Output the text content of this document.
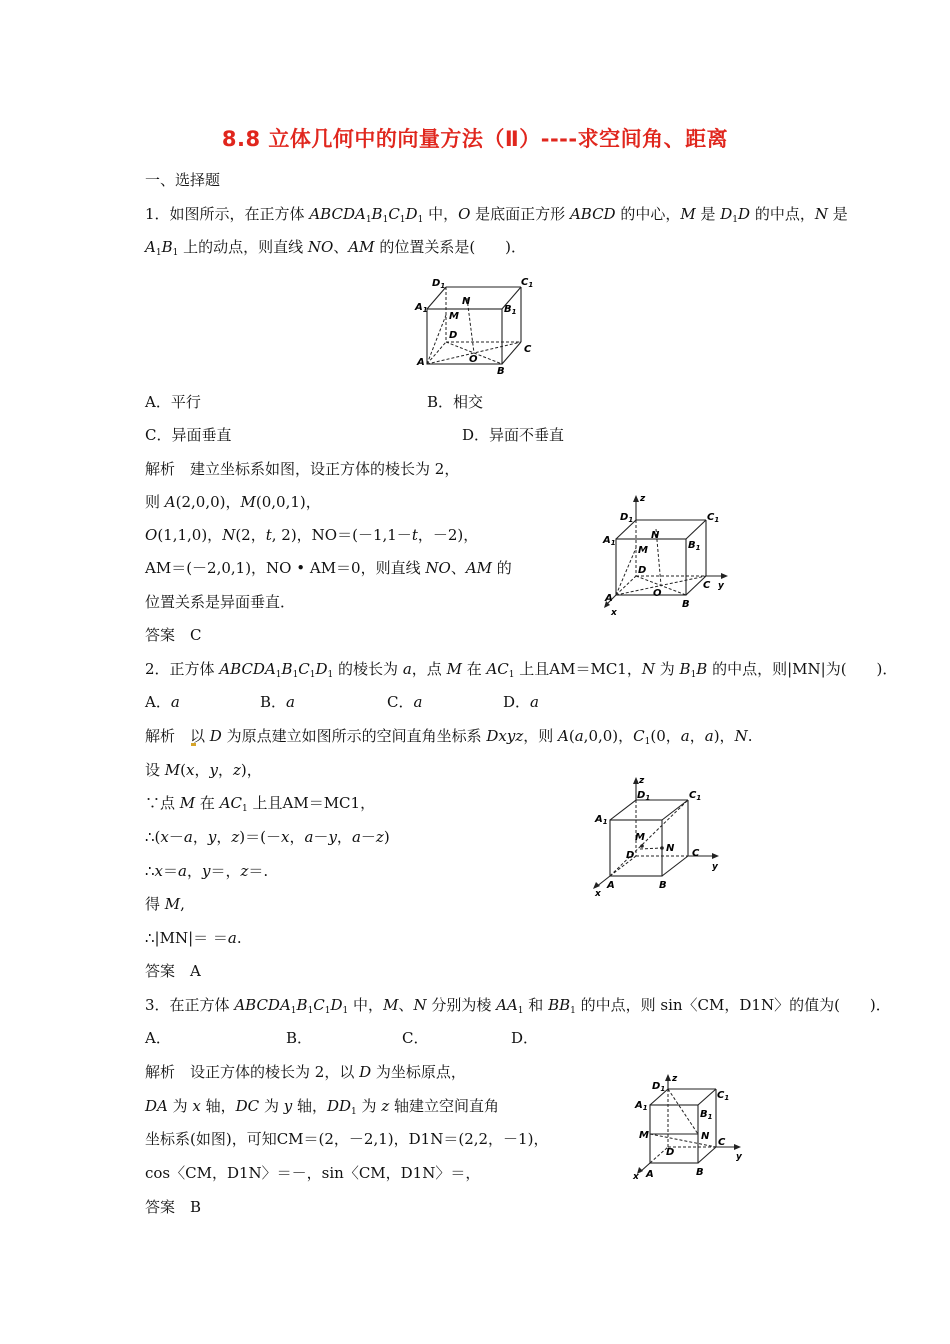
8.8 立体几何中的向量方法（Ⅱ）----求空间角、距离
一、选择题
1．如图所示，在正方体 $ABCDA_1B_1C_1D_1$ 中，O 是底面正方形 ABCD 的中心，M 是 $D_1D$ 的中点，N 是
$A_1B_1$ 上的动点，则直线 NO、AM 的位置关系是(　　)．
$D_1$	$C_1$
$A_1$	$B_1$
N
M
D
C
A	O
B
A．平行	B．相交
C．异面垂直	D．异面不垂直
解析　建立坐标系如图，设正方体的棱长为 2，
则 A(2,0,0)，M(0,0,1)，
O(1,1,0)，N(2，t, 2)，NO＝(－1,1－t，－2)，
AM＝(－2,0,1)，NO • AM＝0，则直线 NO、AM 的
位置关系是异面垂直．
z
y
x
$D_1$	$C_1$
$A_1$	$B_1$
N
M
D
C
A	O
B
答案　C
2．正方体 $ABCDA_1B_1C_1D_1$ 的棱长为 a，点 M 在 $AC_1$ 上且AM＝MC1，N 为 $B_1B$ 的中点，则|MN|为(　　)．
A．a	B．a	C．a	D．a
解析　以 D 为原点建立如图所示的空间直角坐标系 Dxyz，则 A(a,0,0)，$C_1(0$，a，a)，N.
设 M(x，y，z)，
∵点 M 在 $AC_1$ 上且AM＝MC1，
∴(x－a，y，z)＝(－x，a－y，a－z)
∴x＝a，y＝，z＝.
得 M,
∴|MN|＝ ＝a.
答案　A
z
y
x
$D_1$	$C_1$
$A_1$
M
N
D	C
A	B
3．在正方体 $ABCDA_1B_1C_1D_1$ 中，M、N 分别为棱 $AA_1$ 和 $BB_1$ 的中点，则 sin〈CM，D1N〉的值为(　　)．
A．	B．	C．	D．
解析　设正方体的棱长为 2，以 D 为坐标原点，
DA 为 x 轴，DC 为 y 轴，$DD_1$ 为 z 轴建立空间直角
坐标系(如图)，可知CM＝(2，－2,1)，D1N＝(2,2，－1)，
cos〈CM，D1N〉＝－，sin〈CM，D1N〉＝，
答案　B
z
y
x
$D_1$
$C_1$
$A_1$
$B_1$
M	N
C
D
A	B
